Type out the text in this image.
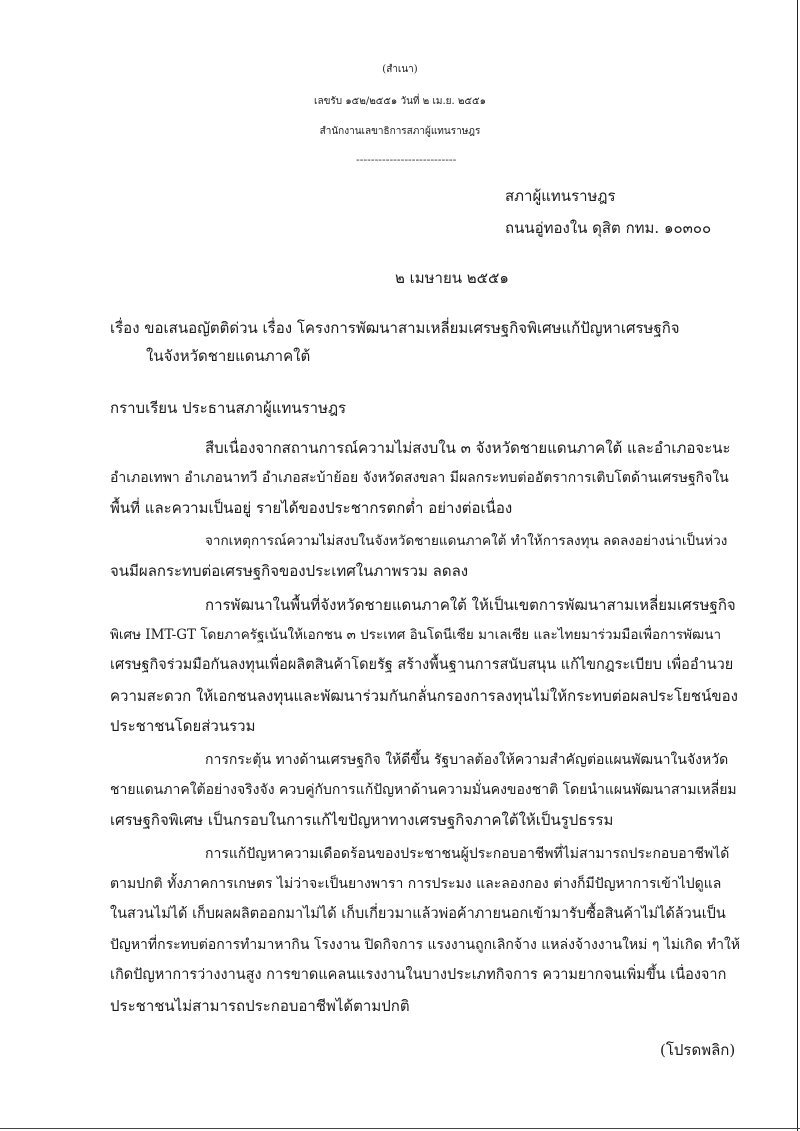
(สำเนา)
เลขรับ ๑๕๒/๒๕๕๑ วันที่ ๒ เม.ย. ๒๕๕๑
สำนักงานเลขาธิการสภาผู้แทนราษฎร
---------------------------
สภาผู้แทนราษฎร
ถนนอู่ทองใน ดุสิต กทม. ๑๐๓๐๐
๒ เมษายน ๒๕๕๑
เรื่อง ขอเสนอญัตติด่วน เรื่อง โครงการพัฒนาสามเหลี่ยมเศรษฐกิจพิเศษแก้ปัญหาเศรษฐกิจ
ในจังหวัดชายแดนภาคใต้
กราบเรียน ประธานสภาผู้แทนราษฎร
สืบเนื่องจากสถานการณ์ความไม่สงบใน ๓ จังหวัดชายแดนภาคใต้ และอำเภอจะนะ
อำเภอเทพา อำเภอนาทวี อำเภอสะบ้าย้อย จังหวัดสงขลา มีผลกระทบต่ออัตราการเติบโตด้านเศรษฐกิจใน
พื้นที่ และความเป็นอยู่ รายได้ของประชากรตกต่ำ อย่างต่อเนื่อง
จากเหตุการณ์ความไม่สงบในจังหวัดชายแดนภาคใต้ ทำให้การลงทุน ลดลงอย่างน่าเป็นห่วง
จนมีผลกระทบต่อเศรษฐกิจของประเทศในภาพรวม ลดลง
การพัฒนาในพื้นที่จังหวัดชายแดนภาคใต้ ให้เป็นเขตการพัฒนาสามเหลี่ยมเศรษฐกิจ
พิเศษ IMT-GT โดยภาครัฐเน้นให้เอกชน ๓ ประเทศ อินโดนีเซีย มาเลเซีย และไทยมาร่วมมือเพื่อการพัฒนา
เศรษฐกิจร่วมมือกันลงทุนเพื่อผลิตสินค้าโดยรัฐ สร้างพื้นฐานการสนับสนุน แก้ไขกฎระเบียบ เพื่ออำนวย
ความสะดวก ให้เอกชนลงทุนและพัฒนาร่วมกันกลั่นกรองการลงทุนไม่ให้กระทบต่อผลประโยชน์ของ
ประชาชนโดยส่วนรวม
การกระตุ้น ทางด้านเศรษฐกิจ ให้ดีขึ้น รัฐบาลต้องให้ความสำคัญต่อแผนพัฒนาในจังหวัด
ชายแดนภาคใต้อย่างจริงจัง ควบคู่กับการแก้ปัญหาด้านความมั่นคงของชาติ โดยนำแผนพัฒนาสามเหลี่ยม
เศรษฐกิจพิเศษ เป็นกรอบในการแก้ไขปัญหาทางเศรษฐกิจภาคใต้ให้เป็นรูปธรรม
การแก้ปัญหาความเดือดร้อนของประชาชนผู้ประกอบอาชีพที่ไม่สามารถประกอบอาชีพได้
ตามปกติ ทั้งภาคการเกษตร ไม่ว่าจะเป็นยางพารา การประมง และลองกอง ต่างก็มีปัญหาการเข้าไปดูแล
ในสวนไม่ได้ เก็บผลผลิตออกมาไม่ได้ เก็บเกี่ยวมาแล้วพ่อค้าภายนอกเข้ามารับซื้อสินค้าไม่ได้ล้วนเป็น
ปัญหาที่กระทบต่อการทำมาหากิน โรงงาน ปิดกิจการ แรงงานถูกเลิกจ้าง แหล่งจ้างงานใหม่ ๆ ไม่เกิด ทำให้
เกิดปัญหาการว่างงานสูง การขาดแคลนแรงงานในบางประเภทกิจการ ความยากจนเพิ่มขึ้น เนื่องจาก
ประชาชนไม่สามารถประกอบอาชีพได้ตามปกติ
(โปรดพลิก)
